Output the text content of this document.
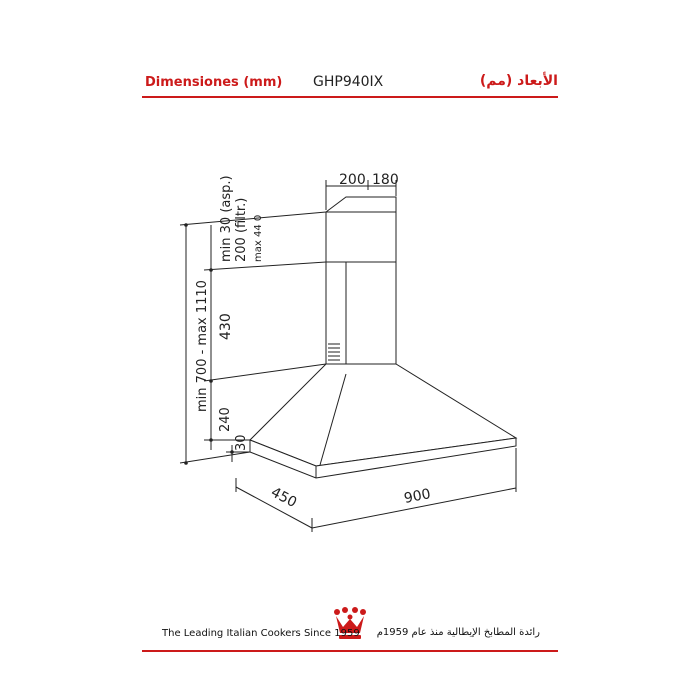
Dimensiones (mm) GHP940IX	الأبعاد (مم)
200 180
min 30 (asp.) 200 (filtr.) max 44 0
430
min 700 - max 1110
240
30
450	900
The Leading Italian Cookers Since 1959 رائدة المطابخ الإيطالية منذ عام 1959م
